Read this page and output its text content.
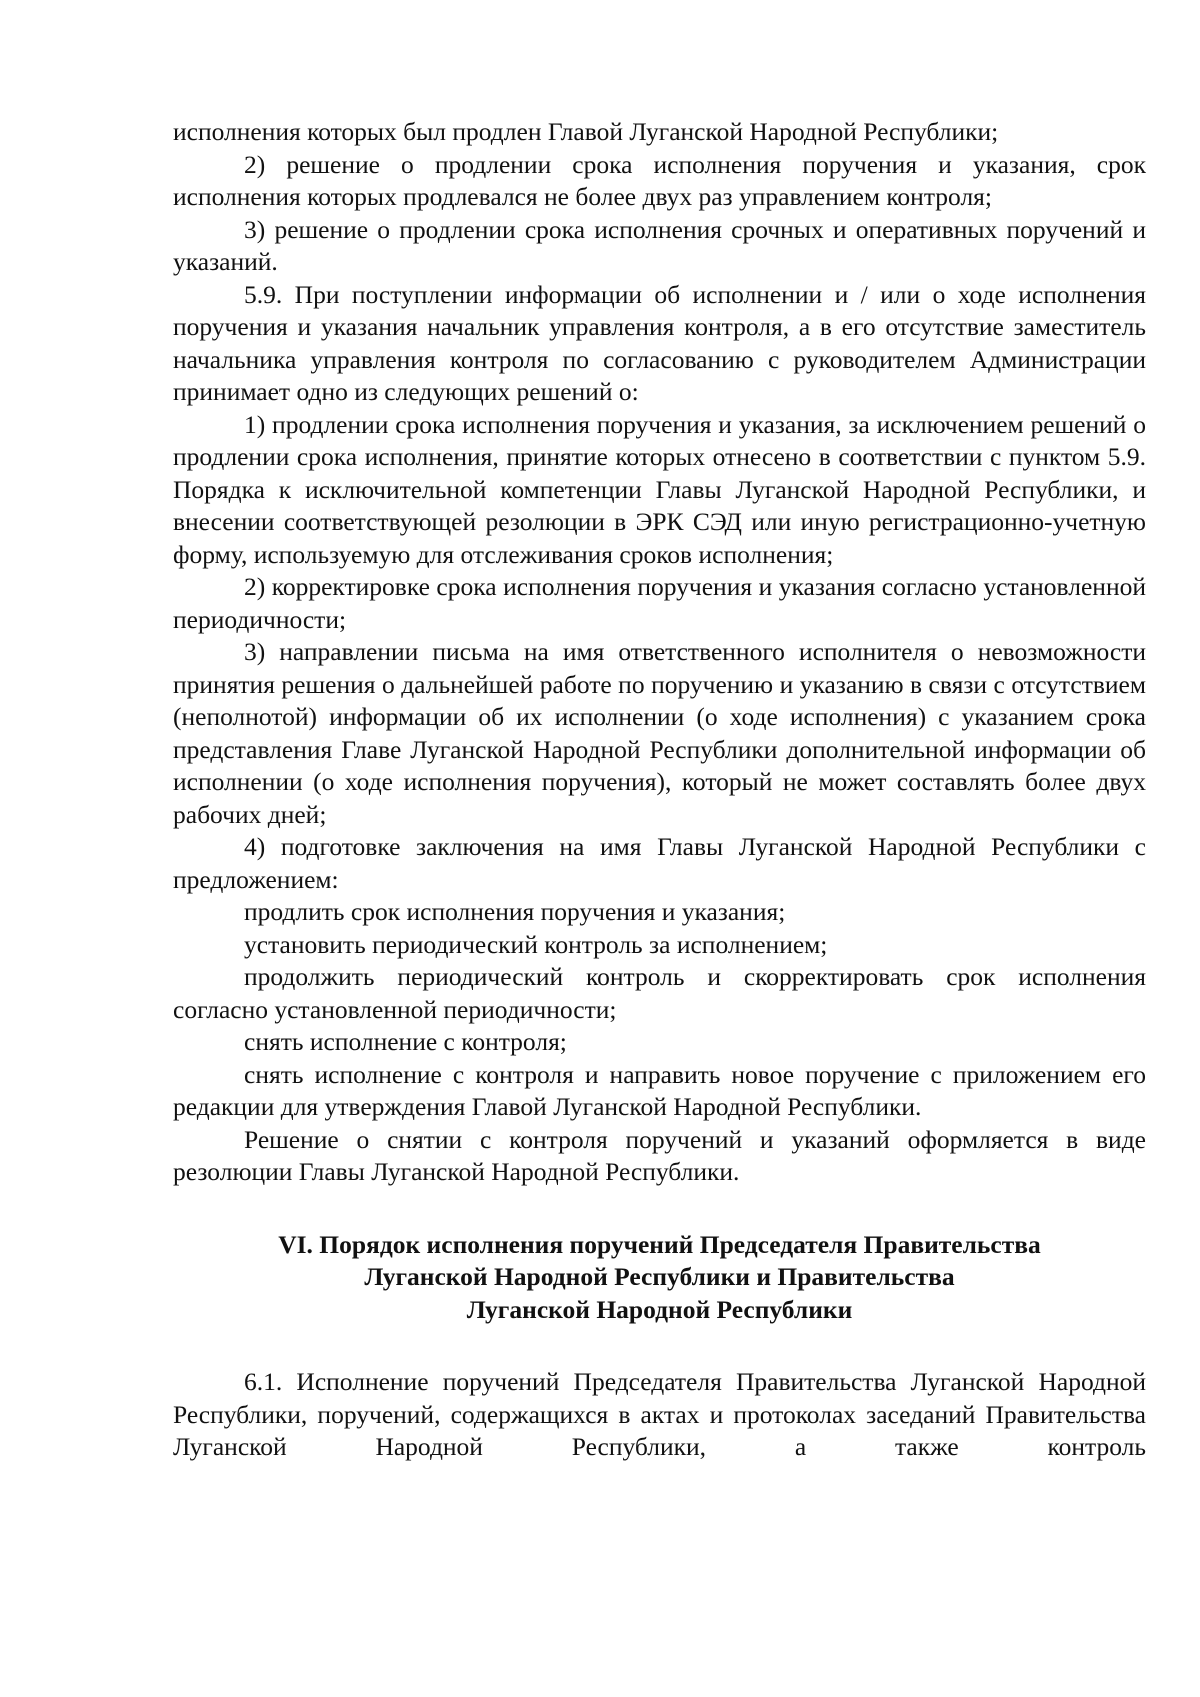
исполнения которых был продлен Главой Луганской Народной Республики;

2) решение о продлении срока исполнения поручения и указания, срок исполнения которых продлевался не более двух раз управлением контроля;

3) решение о продлении срока исполнения срочных и оперативных поручений и указаний.

5.9. При поступлении информации об исполнении и / или о ходе исполнения поручения и указания начальник управления контроля, а в его отсутствие заместитель начальника управления контроля по согласованию с руководителем Администрации принимает одно из следующих решений о:

1) продлении срока исполнения поручения и указания, за исключением решений о продлении срока исполнения, принятие которых отнесено в соответствии с пунктом 5.9. Порядка к исключительной компетенции Главы Луганской Народной Республики, и внесении соответствующей резолюции в ЭРК СЭД или иную регистрационно-учетную форму, используемую для отслеживания сроков исполнения;

2) корректировке срока исполнения поручения и указания согласно установленной периодичности;

3) направлении письма на имя ответственного исполнителя о невозможности принятия решения о дальнейшей работе по поручению и указанию в связи с отсутствием (неполнотой) информации об их исполнении (о ходе исполнения) с указанием срока представления Главе Луганской Народной Республики дополнительной информации об исполнении (о ходе исполнения поручения), который не может составлять более двух рабочих дней;

4) подготовке заключения на имя Главы Луганской Народной Республики с предложением:

продлить срок исполнения поручения и указания;

установить периодический контроль за исполнением;

продолжить периодический контроль и скорректировать срок исполнения согласно установленной периодичности;

снять исполнение с контроля;

снять исполнение с контроля и направить новое поручение с приложением его редакции для утверждения Главой Луганской Народной Республики.

Решение о снятии с контроля поручений и указаний оформляется в виде резолюции Главы Луганской Народной Республики.

VI. Порядок исполнения поручений Председателя Правительства
Луганской Народной Республики и Правительства
Луганской Народной Республики

6.1. Исполнение поручений Председателя Правительства Луганской Народной Республики, поручений, содержащихся в актах и протоколах заседаний Правительства Луганской Народной Республики, а также контроль
